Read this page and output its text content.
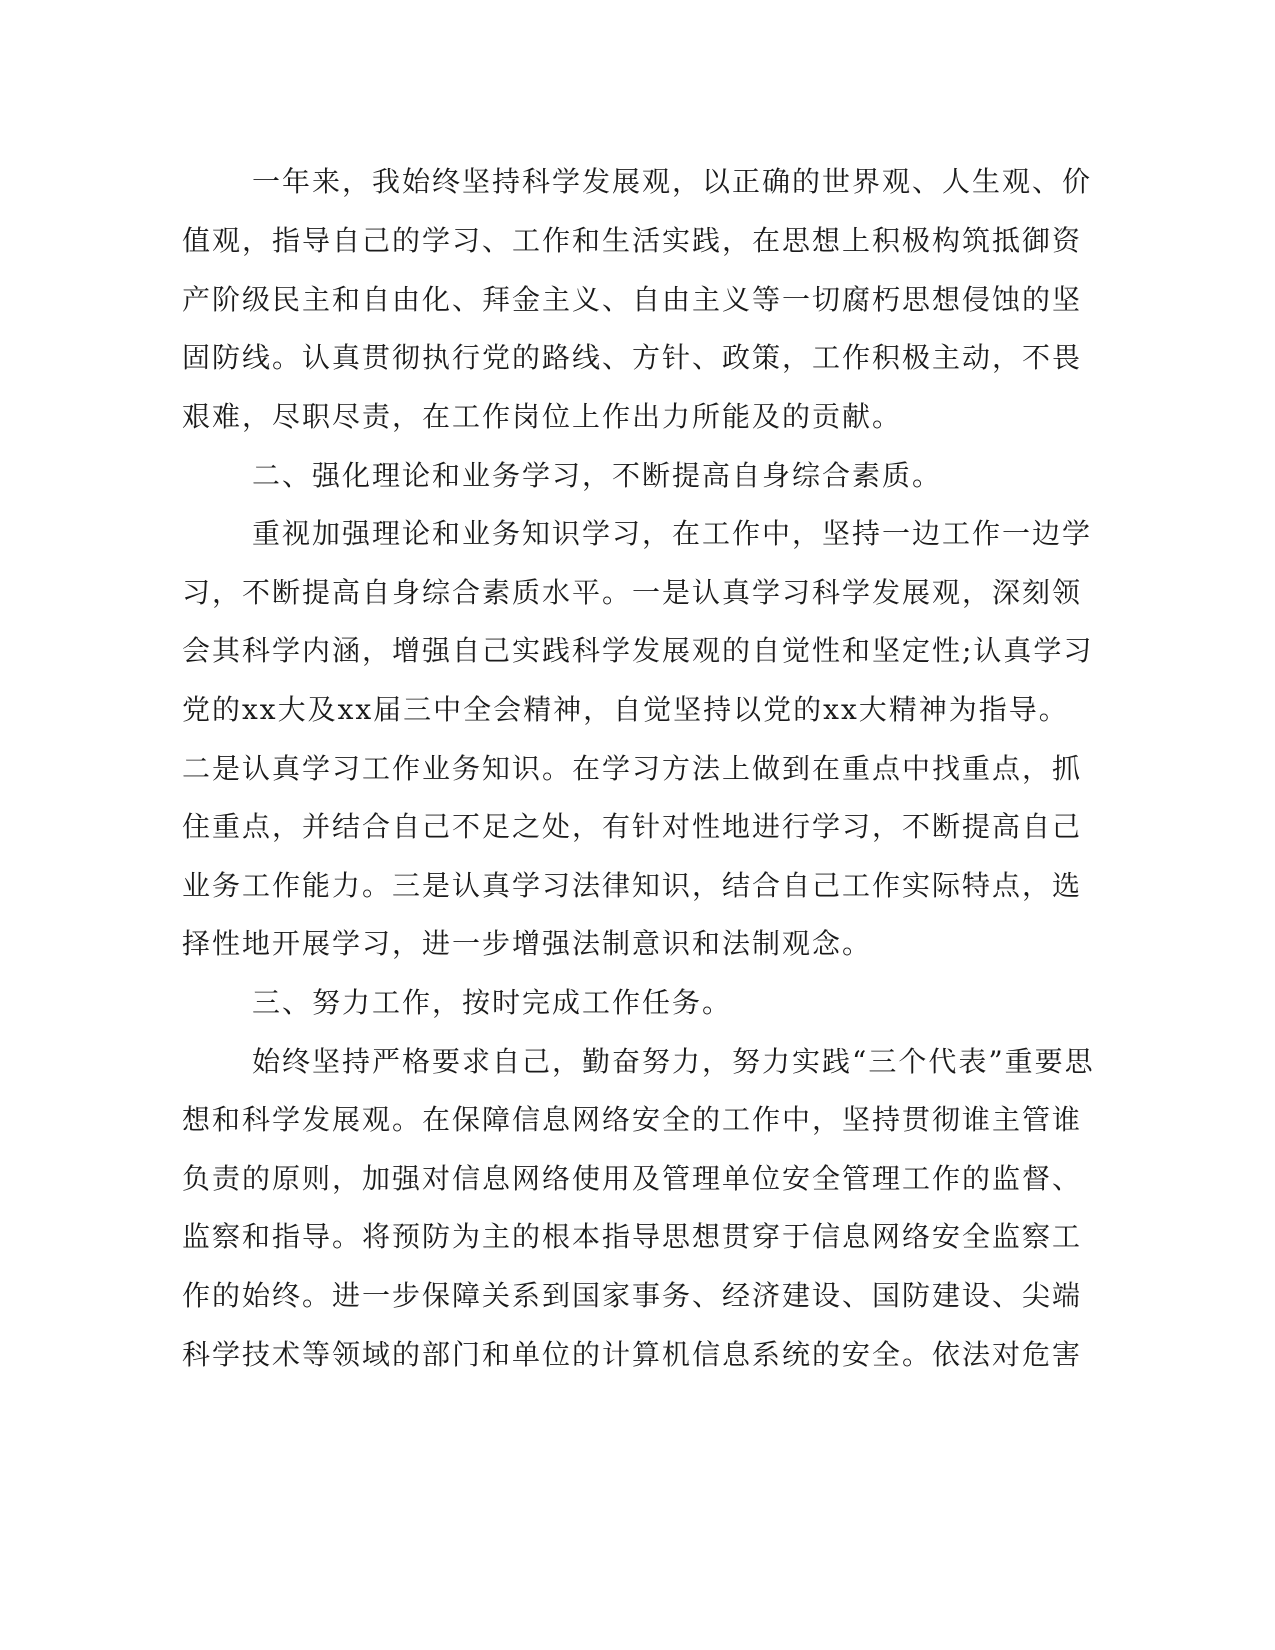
一年来，我始终坚持科学发展观，以正确的世界观、人生观、价
值观，指导自己的学习、工作和生活实践，在思想上积极构筑抵御资
产阶级民主和自由化、拜金主义、自由主义等一切腐朽思想侵蚀的坚
固防线。认真贯彻执行党的路线、方针、政策，工作积极主动，不畏
艰难，尽职尽责，在工作岗位上作出力所能及的贡献。
二、强化理论和业务学习，不断提高自身综合素质。
重视加强理论和业务知识学习，在工作中，坚持一边工作一边学
习，不断提高自身综合素质水平。一是认真学习科学发展观，深刻领
会其科学内涵，增强自己实践科学发展观的自觉性和坚定性;认真学习
党的xx大及xx届三中全会精神，自觉坚持以党的xx大精神为指导。
二是认真学习工作业务知识。在学习方法上做到在重点中找重点，抓
住重点，并结合自己不足之处，有针对性地进行学习，不断提高自己
业务工作能力。三是认真学习法律知识，结合自己工作实际特点，选
择性地开展学习，进一步增强法制意识和法制观念。
三、努力工作，按时完成工作任务。
始终坚持严格要求自己，勤奋努力，努力实践“三个代表”重要思
想和科学发展观。在保障信息网络安全的工作中，坚持贯彻谁主管谁
负责的原则，加强对信息网络使用及管理单位安全管理工作的监督、
监察和指导。将预防为主的根本指导思想贯穿于信息网络安全监察工
作的始终。进一步保障关系到国家事务、经济建设、国防建设、尖端
科学技术等领域的部门和单位的计算机信息系统的安全。依法对危害
